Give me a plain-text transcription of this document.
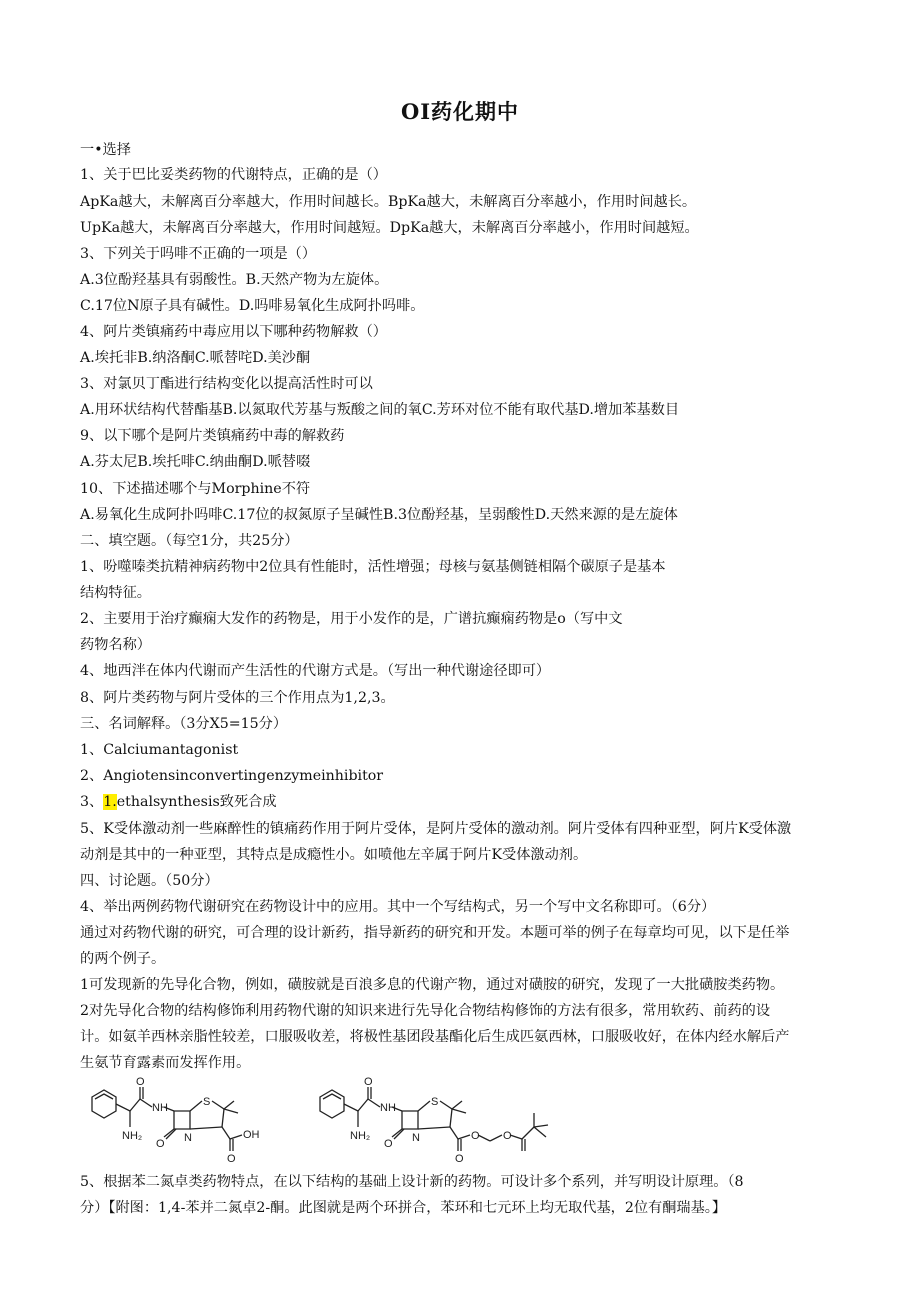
OI药化期中
一•选择
1、关于巴比妥类药物的代谢特点，正确的是（）
ApKa越大，未解离百分率越大，作用时间越长。BpKa越大，未解离百分率越小，作用时间越长。
UpKa越大，未解离百分率越大，作用时间越短。DpKa越大，未解离百分率越小，作用时间越短。
3、下列关于吗啡不正确的一项是（）
A.3位酚羟基具有弱酸性。B.天然产物为左旋体。
C.17位N原子具有碱性。D.吗啡易氧化生成阿扑吗啡。
4、阿片类镇痛药中毒应用以下哪种药物解救（）
A.埃托非B.纳洛酮C.哌替咤D.美沙酮
3、对氯贝丁酯进行结构变化以提高活性时可以
A.用环状结构代替酯基B.以氮取代芳基与叛酸之间的氧C.芳环对位不能有取代基D.增加苯基数目
9、以下哪个是阿片类镇痛药中毒的解救药
A.芬太尼B.埃托啡C.纳曲酮D.哌替啜
10、下述描述哪个与Morphine不符
A.易氧化生成阿扑吗啡C.17位的叔氮原子呈碱性B.3位酚羟基，呈弱酸性D.天然来源的是左旋体
二、填空题。（每空1分，共25分）
1、吩噬嗪类抗精神病药物中2位具有性能时，活性增强；母核与氨基侧链相隔个碳原子是基本
结构特征。
2、主要用于治疗癫痫大发作的药物是，用于小发作的是，广谱抗癫痫药物是o（写中文
药物名称）
4、地西泮在体内代谢而产生活性的代谢方式是。（写出一种代谢途径即可）
8、阿片类药物与阿片受体的三个作用点为1,2,3。
三、名词解释。（3分X5=15分）
1、Calciumantagonist
2、Angiotensinconvertingenzymeinhibitor
3、1.ethalsynthesis致死合成
5、K受体激动剂一些麻醉性的镇痛药作用于阿片受体，是阿片受体的激动剂。阿片受体有四种亚型，阿片K受体激
动剂是其中的一种亚型，其特点是成瘾性小。如喷他左辛属于阿片K受体激动剂。
四、讨论题。（50分）
4、举出两例药物代谢研究在药物设计中的应用。其中一个写结构式，另一个写中文名称即可。（6分）
通过对药物代谢的研究，可合理的设计新药，指导新药的研究和开发。本题可举的例子在每章均可见，以下是任举
的两个例子。
1可发现新的先导化合物，例如，磺胺就是百浪多息的代谢产物，通过对磺胺的研究，发现了一大批磺胺类药物。
2对先导化合物的结构修饰利用药物代谢的知识来进行先导化合物结构修饰的方法有很多，常用软药、前药的设
计。如氨羊西林亲脂性较差，口服吸收差，将极性基团段基酯化后生成匹氨西林，口服吸收好，在体内经水解后产
生氨节育露素而发挥作用。
O
NH
NH₂
S
N
O
OH
O
O
NH
NH₂
S
N
O
O
O O
5、根据苯二氮卓类药物特点，在以下结构的基础上设计新的药物。可设计多个系列，并写明设计原理。（8
分）【附图：1,4-苯并二氮卓2-酮。此图就是两个环拼合，苯环和七元环上均无取代基，2位有酮瑞基。】
